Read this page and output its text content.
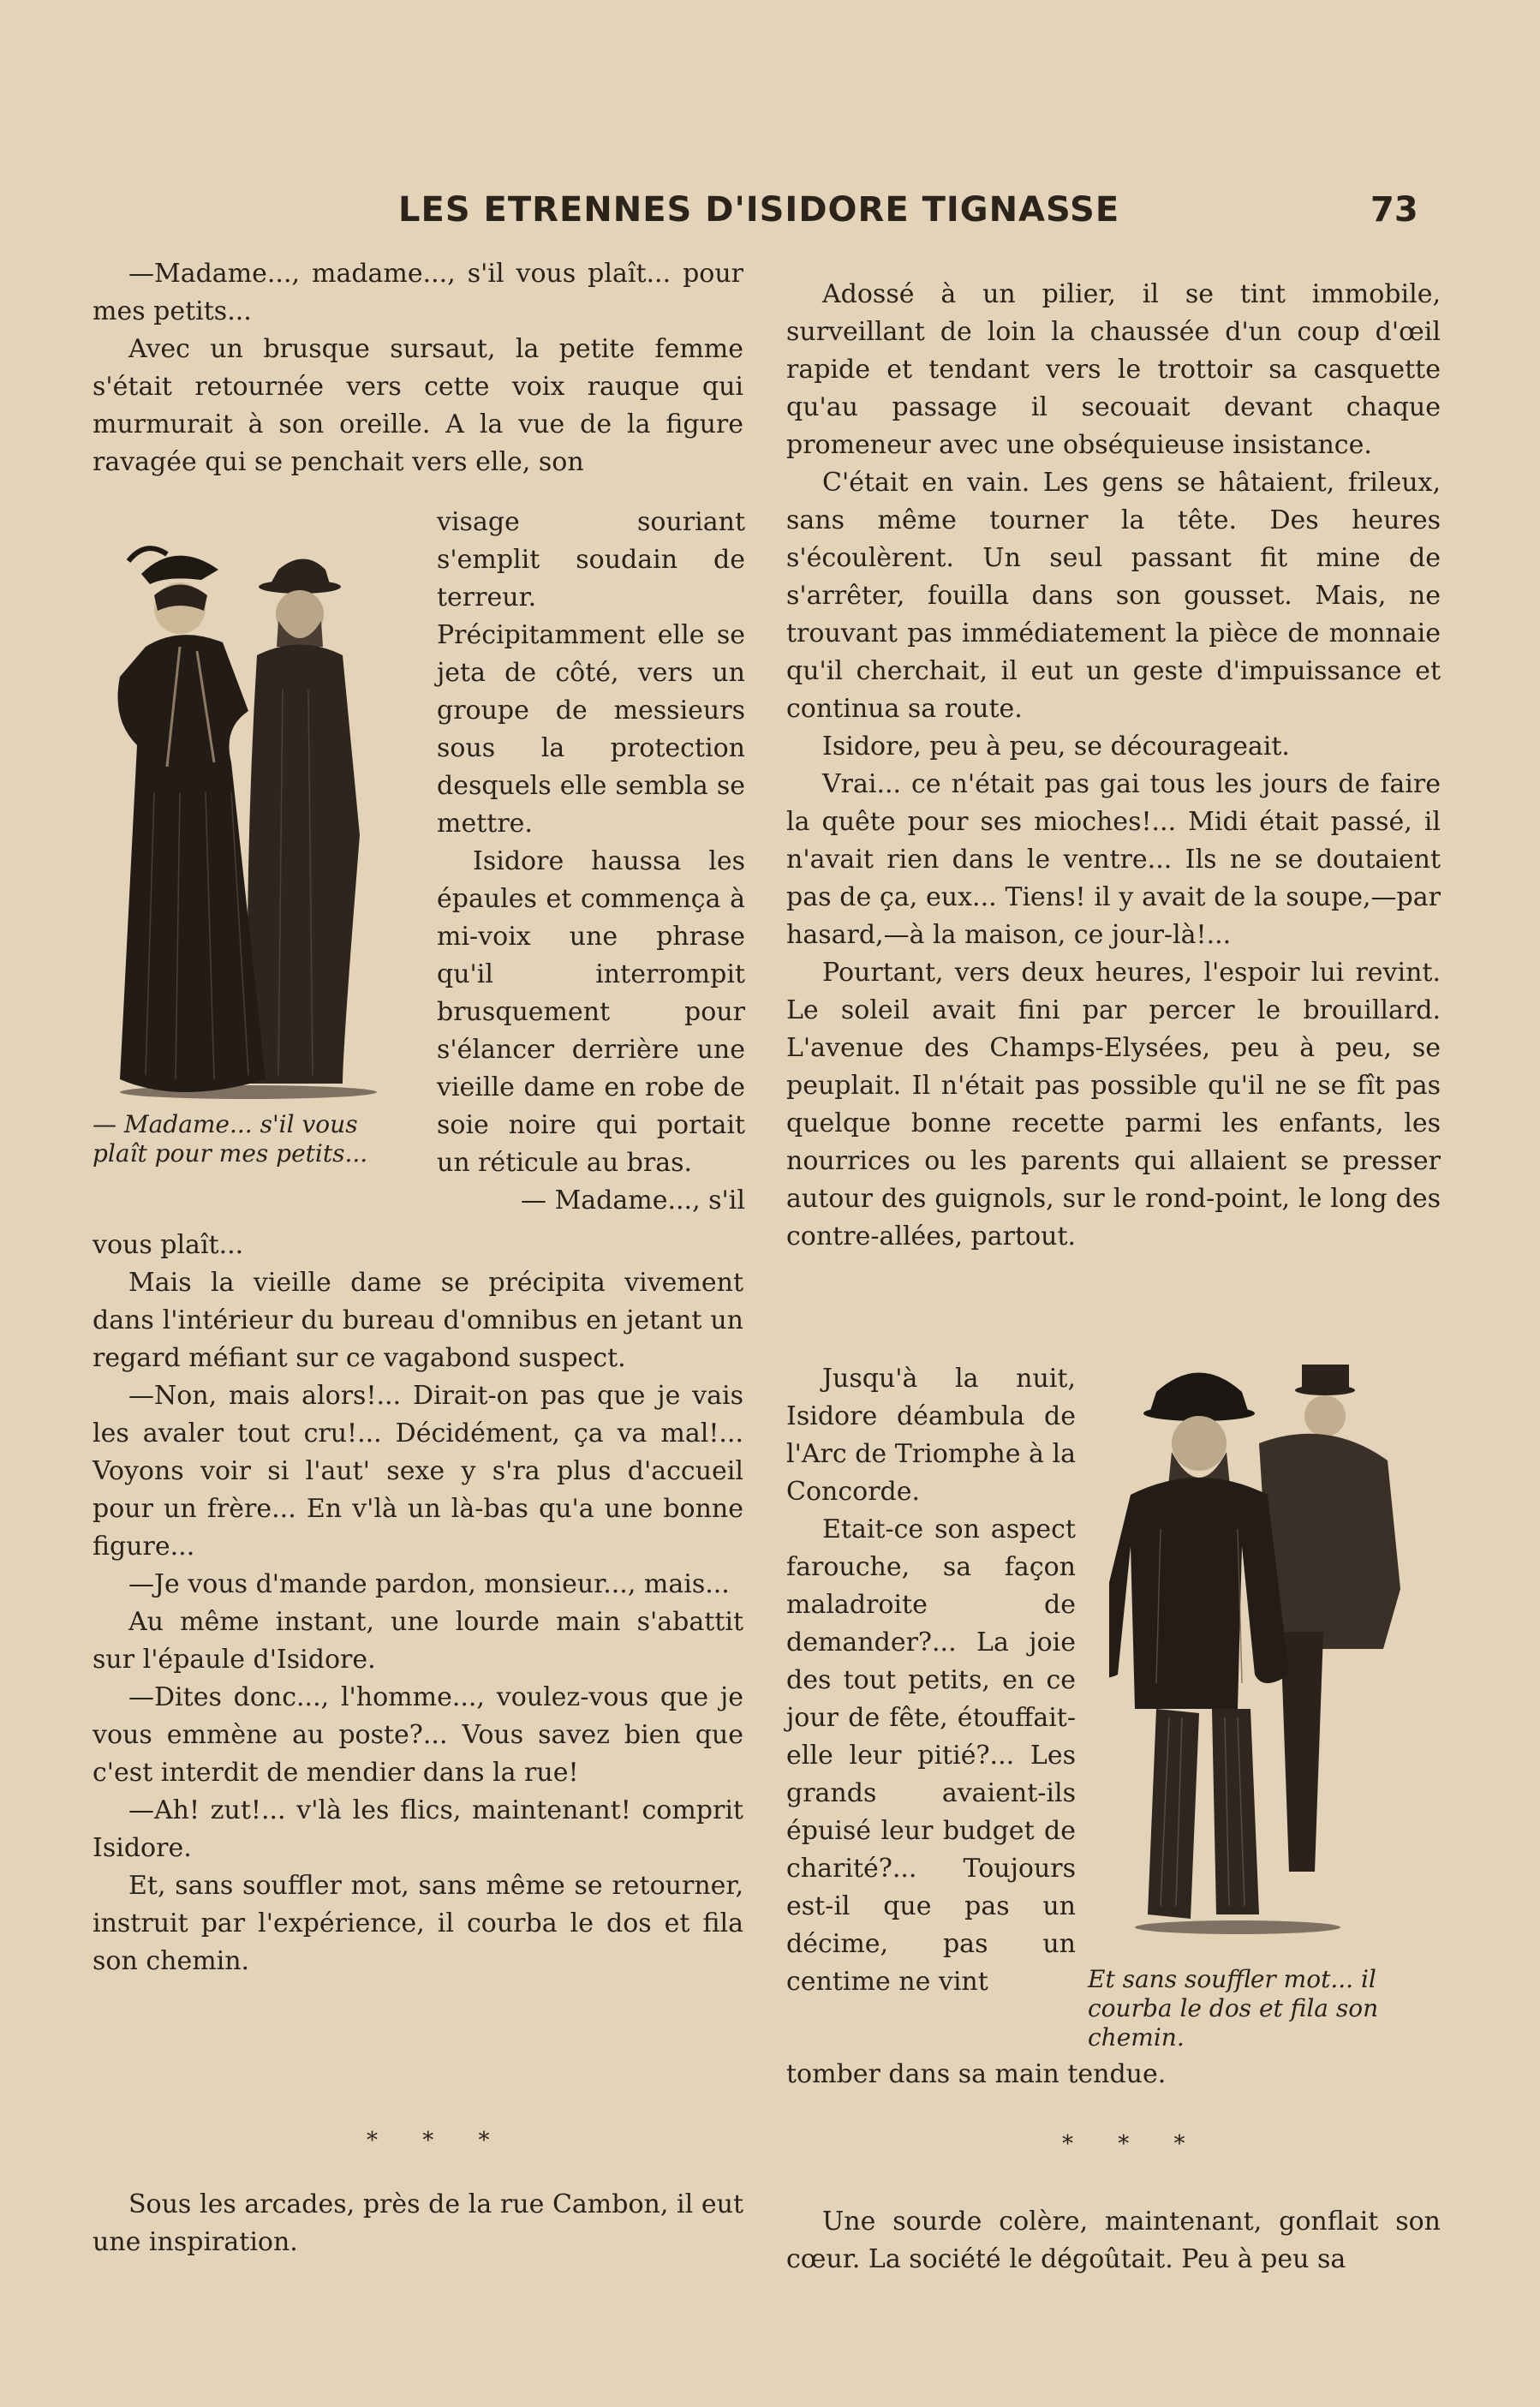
LES ETRENNES D'ISIDORE TIGNASSE	73

—Madame..., madame..., s'il vous plaît... pour mes petits...

Avec un brusque sursaut, la petite femme s'était retournée vers cette voix rauque qui murmurait à son oreille. A la vue de la figure ravagée qui se penchait vers elle, son

— Madame... s'il vous plaît pour mes petits...

visage souriant s'emplit soudain de terreur. Précipitamment elle se jeta de côté, vers un groupe de messieurs sous la protection desquels elle sembla se mettre.

Isidore haussa les épaules et commença à mi-voix une phrase qu'il interrompit brusquement pour s'élancer derrière une vieille dame en robe de soie noire qui portait un réticule au bras.

— Madame..., s'il

vous plaît...

Mais la vieille dame se précipita vivement dans l'intérieur du bureau d'omnibus en jetant un regard méfiant sur ce vagabond suspect.

—Non, mais alors!... Dirait-on pas que je vais les avaler tout cru!... Décidément, ça va mal!... Voyons voir si l'aut' sexe y s'ra plus d'accueil pour un frère... En v'là un là-bas qu'a une bonne figure...

—Je vous d'mande pardon, monsieur..., mais...

Au même instant, une lourde main s'abattit sur l'épaule d'Isidore.

—Dites donc..., l'homme..., voulez-vous que je vous emmène au poste?... Vous savez bien que c'est interdit de mendier dans la rue!

—Ah! zut!... v'là les flics, maintenant! comprit Isidore.

Et, sans souffler mot, sans même se retourner, instruit par l'expérience, il courba le dos et fila son chemin.

* * *

Sous les arcades, près de la rue Cambon, il eut une inspiration.

Adossé à un pilier, il se tint immobile, surveillant de loin la chaussée d'un coup d'œil rapide et tendant vers le trottoir sa casquette qu'au passage il secouait devant chaque promeneur avec une obséquieuse insistance.

C'était en vain. Les gens se hâtaient, frileux, sans même tourner la tête. Des heures s'écoulèrent. Un seul passant fit mine de s'arrêter, fouilla dans son gousset. Mais, ne trouvant pas immédiatement la pièce de monnaie qu'il cherchait, il eut un geste d'impuissance et continua sa route.

Isidore, peu à peu, se décourageait.

Vrai... ce n'était pas gai tous les jours de faire la quête pour ses mioches!... Midi était passé, il n'avait rien dans le ventre... Ils ne se doutaient pas de ça, eux... Tiens! il y avait de la soupe,—par hasard,—à la maison, ce jour-là!...

Pourtant, vers deux heures, l'espoir lui revint. Le soleil avait fini par percer le brouillard. L'avenue des Champs-Elysées, peu à peu, se peuplait. Il n'était pas possible qu'il ne se fît pas quelque bonne recette parmi les enfants, les nourrices ou les parents qui allaient se presser autour des guignols, sur le rond-point, le long des contre-allées, partout.

Jusqu'à la nuit, Isidore déambula de l'Arc de Triomphe à la Concorde.

Etait-ce son aspect farouche, sa façon maladroite de demander?... La joie des tout petits, en ce jour de fête, étouffait-elle leur pitié?... Les grands avaient-ils épuisé leur budget de charité?... Toujours est-il que pas un décime, pas un centime ne vint	Et sans souffler mot... il courba le dos et fila son chemin.

tomber dans sa main tendue.

* * *

Une sourde colère, maintenant, gonflait son cœur. La société le dégoûtait. Peu à peu sa
